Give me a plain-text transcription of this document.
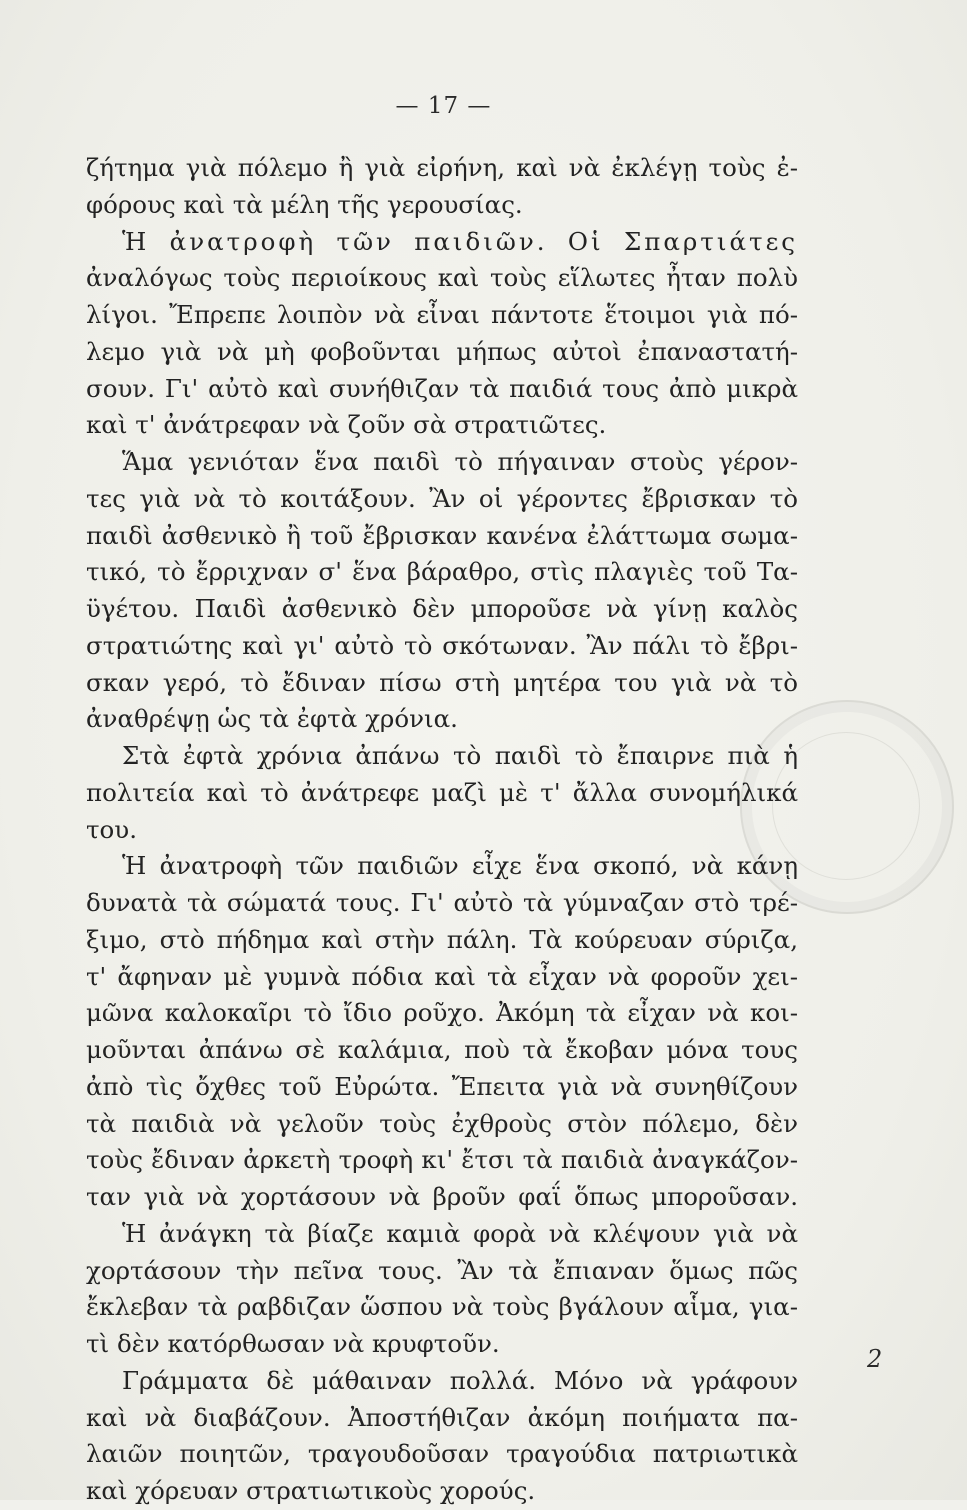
— 17 —
ζήτημα γιὰ πόλεμο ἢ γιὰ εἰρήνη, καὶ νὰ ἐκλέγῃ τοὺς ἐ-
φόρους καὶ τὰ μέλη τῆς γερουσίας.
Ἡ ἀνατροφὴ τῶν παιδιῶν. Οἱ Σπαρτιάτες
ἀναλόγως τοὺς περιοίκους καὶ τοὺς εἵλωτες ἦταν πολὺ
λίγοι. Ἔπρεπε λοιπὸν νὰ εἶναι πάντοτε ἕτοιμοι γιὰ πό-
λεμο γιὰ νὰ μὴ φοβοῦνται μήπως αὐτοὶ ἐπαναστατή-
σουν. Γι' αὐτὸ καὶ συνήθιζαν τὰ παιδιά τους ἀπὸ μικρὰ
καὶ τ' ἀνάτρεφαν νὰ ζοῦν σὰ στρατιῶτες.
Ἅμα γενιόταν ἕνα παιδὶ τὸ πήγαιναν στοὺς γέρον-
τες γιὰ νὰ τὸ κοιτάξουν. Ἂν οἱ γέροντες ἔβρισκαν τὸ
παιδὶ ἀσθενικὸ ἢ τοῦ ἔβρισκαν κανένα ἐλάττωμα σωμα-
τικό, τὸ ἔρριχναν σ' ἕνα βάραθρο, στὶς πλαγιὲς τοῦ Τα-
ϋγέτου. Παιδὶ ἀσθενικὸ δὲν μποροῦσε νὰ γίνῃ καλὸς
στρατιώτης καὶ γι' αὐτὸ τὸ σκότωναν. Ἂν πάλι τὸ ἔβρι-
σκαν γερό, τὸ ἔδιναν πίσω στὴ μητέρα του γιὰ νὰ τὸ
ἀναθρέψῃ ὡς τὰ ἐφτὰ χρόνια.
Στὰ ἐφτὰ χρόνια ἀπάνω τὸ παιδὶ τὸ ἔπαιρνε πιὰ ἡ
πολιτεία καὶ τὸ ἀνάτρεφε μαζὶ μὲ τ' ἄλλα συνομήλικά
του.
Ἡ ἀνατροφὴ τῶν παιδιῶν εἶχε ἕνα σκοπό, νὰ κάνῃ
δυνατὰ τὰ σώματά τους. Γι' αὐτὸ τὰ γύμναζαν στὸ τρέ-
ξιμο, στὸ πήδημα καὶ στὴν πάλη. Τὰ κούρευαν σύριζα,
τ' ἄφηναν μὲ γυμνὰ πόδια καὶ τὰ εἶχαν νὰ φοροῦν χει-
μῶνα καλοκαῖρι τὸ ἴδιο ροῦχο. Ἀκόμη τὰ εἶχαν νὰ κοι-
μοῦνται ἀπάνω σὲ καλάμια, ποὺ τὰ ἔκοβαν μόνα τους
ἀπὸ τὶς ὄχθες τοῦ Εὐρώτα. Ἔπειτα γιὰ νὰ συνηθίζουν
τὰ παιδιὰ νὰ γελοῦν τοὺς ἐχθροὺς στὸν πόλεμο, δὲν
τοὺς ἔδιναν ἀρκετὴ τροφὴ κι' ἔτσι τὰ παιδιὰ ἀναγκάζον-
ταν γιὰ νὰ χορτάσουν νὰ βροῦν φαΐ ὅπως μποροῦσαν.
Ἡ ἀνάγκη τὰ βίαζε καμιὰ φορὰ νὰ κλέψουν γιὰ νὰ
χορτάσουν τὴν πεῖνα τους. Ἂν τὰ ἔπιαναν ὅμως πῶς
ἔκλεβαν τὰ ραβδιζαν ὥσπου νὰ τοὺς βγάλουν αἷμα, για-
τὶ δὲν κατόρθωσαν νὰ κρυφτοῦν.
Γράμματα δὲ μάθαιναν πολλά. Μόνο νὰ γράφουν
καὶ νὰ διαβάζουν. Ἀποστήθιζαν ἀκόμη ποιήματα πα-
λαιῶν ποιητῶν, τραγουδοῦσαν τραγούδια πατριωτικὰ
καὶ χόρευαν στρατιωτικοὺς χορούς.
2
